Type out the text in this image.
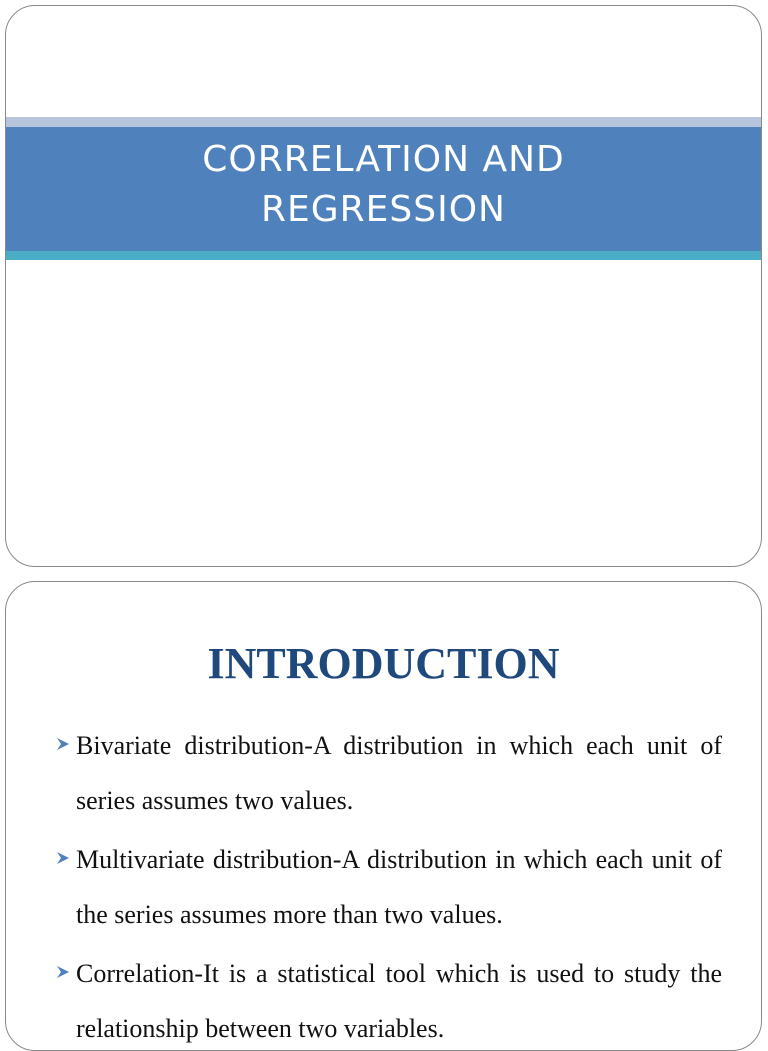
CORRELATION AND
REGRESSION
INTRODUCTION
Bivariate distribution-A distribution in which each unit of series assumes two values.
Multivariate distribution-A distribution in which each unit of the series assumes more than two values.
Correlation-It is a statistical tool which is used to study the relationship between two variables.
